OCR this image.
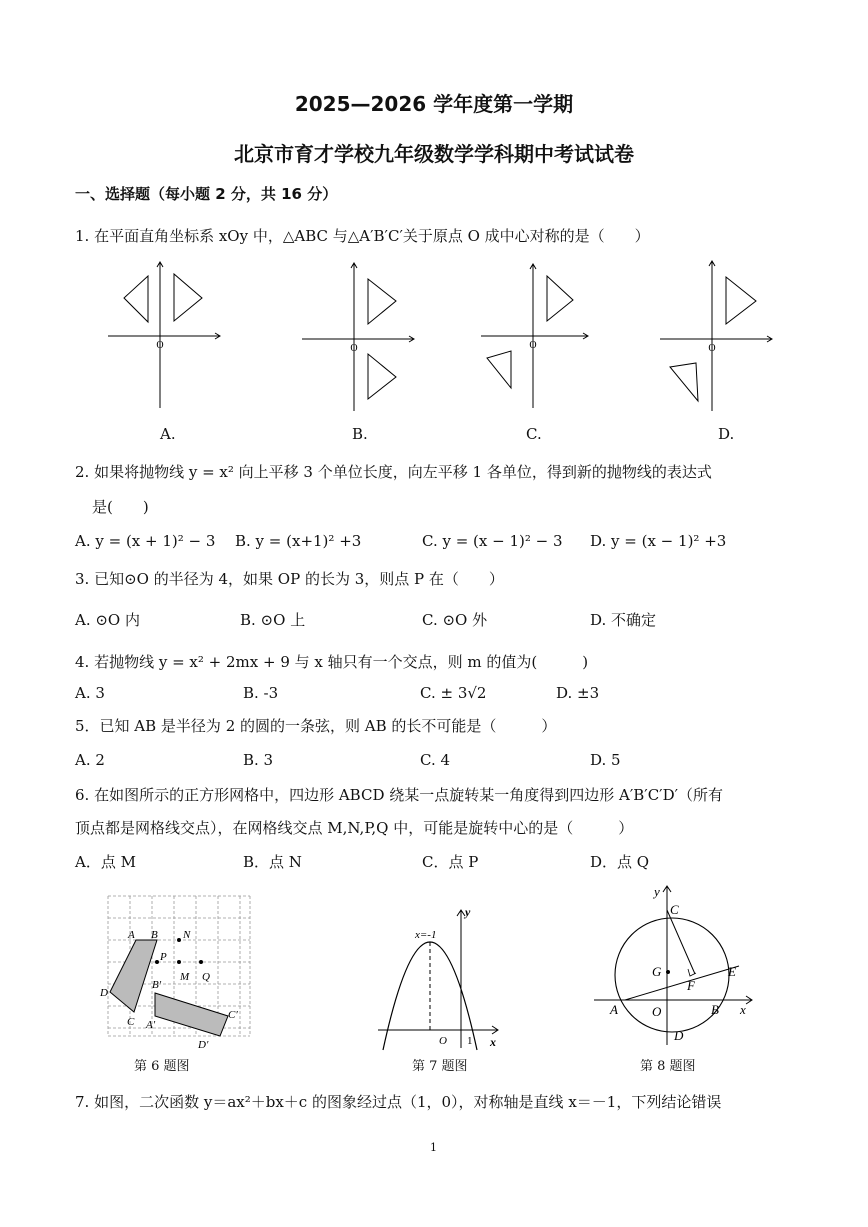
2025—2026 学年度第一学期
北京市育才学校九年级数学学科期中考试试卷
一、选择题（每小题 2 分，共 16 分）
1. 在平面直角坐标系 xOy 中，△ABC 与△A′B′C′关于原点 O 成中心对称的是（　　）
O	O	O	O
A.	B.	C.	D.
2. 如果将抛物线 y = x² 向上平移 3 个单位长度，向左平移 1 各单位，得到新的抛物线的表达式
是(　　)
A. y = (x + 1)² − 3 B. y = (x+1)² +3	C. y = (x − 1)² − 3 D. y = (x − 1)² +3
3. 已知⊙O 的半径为 4，如果 OP 的长为 3，则点 P 在（　　）
A. ⊙O 内	B. ⊙O 上	C. ⊙O 外	D. 不确定
4. 若抛物线 y = x² + 2mx + 9 与 x 轴只有一个交点，则 m 的值为(　　　)
A. 3	B. -3	C. ± 3√2	D. ±3
5．已知 AB 是半径为 2 的圆的一条弦，则 AB 的长不可能是（　　　）
A. 2	B. 3	C. 4	D. 5
6. 在如图所示的正方形网格中，四边形 ABCD 绕某一点旋转某一角度得到四边形 A′B′C′D′（所有
顶点都是网格线交点），在网格线交点 M,N,P,Q 中，可能是旋转中心的是（　　　）
A．点 M	B．点 N	C．点 P	D．点 Q
A B N
P
M Q
D
C A′
B′
C′
D′
第 6 题图
x=-1
y
x
O 1
第 7 题图
C
G
F
E
A	O	B
D
y
x
第 8 题图
7. 如图，二次函数 y＝ax²＋bx＋c 的图象经过点（1，0），对称轴是直线 x＝－1，下列结论错误
1
